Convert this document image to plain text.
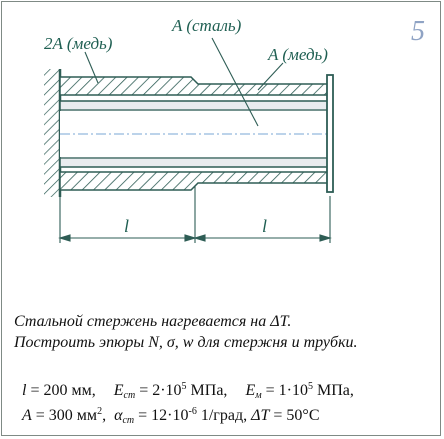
5
2A (медь)
A (сталь)
A (медь)
l	l
Стальной стержень нагревается на ΔT.
Построить эпюры N, σ, w для стержня и трубки.
l = 200 мм, $E_{ст} = 2\cdot 10^5$ МПа, $E_м = 1\cdot 10^5$ МПа,
A = 300 $мм^2$, $\alpha_{ст} = 12\cdot 10^{-6}$ 1/град, ΔT = 50°C
